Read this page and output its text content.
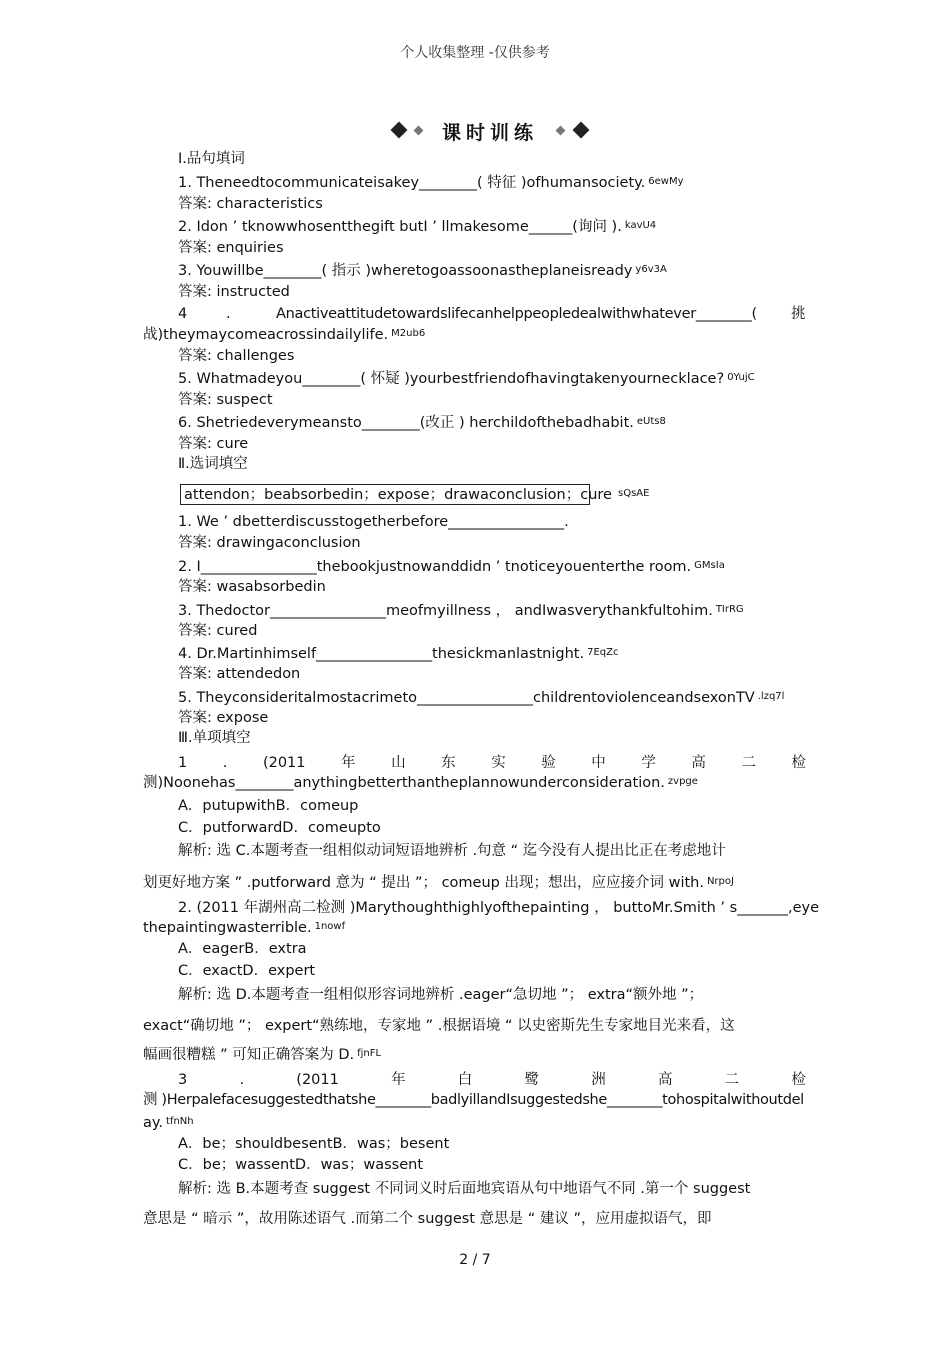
个人收集整理 -仅供参考
课时训练
Ⅰ.品句填词
1. Theneedtocommunicateisakey________( 特征 )ofhumansociety. $^{6ewMy}$
答案: characteristics
2. Idon ’ tknowwhosentthegift butI ’ llmakesome______(询问 ). $^{kavU4}$
答案: enquiries
3. Youwillbe________( 指示 )wheretogoassoonastheplaneisready $^{y6v3A}$
答案: instructed
4	.	Anactiveattitudetowardslifecanhelppeopledealwithwhatever________( 挑
战)theymaycomeacrossindailylife. $^{M2ub6}$
答案: challenges
5. Whatmadeyou________( 怀疑 )yourbestfriendofhavingtakenyournecklace? $^{0YujC}$
答案: suspect
6. Shetriedeverymeansto________(改正 ) herchildofthebadhabit. $^{eUts8}$
答案: cure
Ⅱ.选词填空
attendon；beabsorbedin；expose；drawaconclusion；cure $^{sQsAE}$
1. We ’ dbetterdiscusstogetherbefore________________.
答案: drawingaconclusion
2. I________________thebookjustnowanddidn ’ tnoticeyouenterthe room. $^{GMsIa}$
答案: wasabsorbedin
3. Thedoctor________________meofmyillness ， andIwasverythankfultohim. $^{TIrRG}$
答案: cured
4. Dr.Martinhimself________________thesickmanlastnight. $^{7EqZc}$
答案: attendedon
5. Theyconsideritalmostacrimeto________________childrentoviolenceandsexonTV $^{.lzq7l}$
答案: expose
Ⅲ.单项填空
1 . (2011 年 山 东 实 验 中 学 高 二 检
测)Noonehas________anythingbetterthantheplannowunderconsideration. $^{zvpge}$
A．putupwithB．comeup
C．putforwardD．comeupto
解析: 选 C.本题考查一组相似动词短语地辨析 .句意 “ 迄今没有人提出比正在考虑地计
划更好地方案 ” .putforward 意为 “ 提出 ”； comeup 出现；想出，应应接介词 with. $^{NrpoJ}$
2. (2011 年湖州高二检测 )Marythoughthighlyofthepainting ， buttoMr.Smith ’ s_______,eye
thepaintingwasterrible. $^{1nowf}$
A．eagerB．extra
C．exactD．expert
解析: 选 D.本题考查一组相似形容词地辨析 .eager“急切地 ”； extra“额外地 ”；
exact“确切地 ”； expert“熟练地，专家地 ” .根据语境 “ 以史密斯先生专家地目光来看，这
幅画很糟糕 ” 可知正确答案为 D. $^{fjnFL}$
3	.	(2011	年	白	鹭	洲	高	二	检
测 )Herpalefacesuggestedthatshe________badlyillandIsuggestedshe________tohospitalwithoutdel
ay. $^{tfnNh}$
A．be；shouldbesentB．was；besent
C．be；wassentD．was；wassent
解析: 选 B.本题考查 suggest 不同词义时后面地宾语从句中地语气不同 .第一个 suggest
意思是 “ 暗示 ”，故用陈述语气 .而第二个 suggest 意思是 “ 建议 ”，应用虚拟语气，即
2 / 7
